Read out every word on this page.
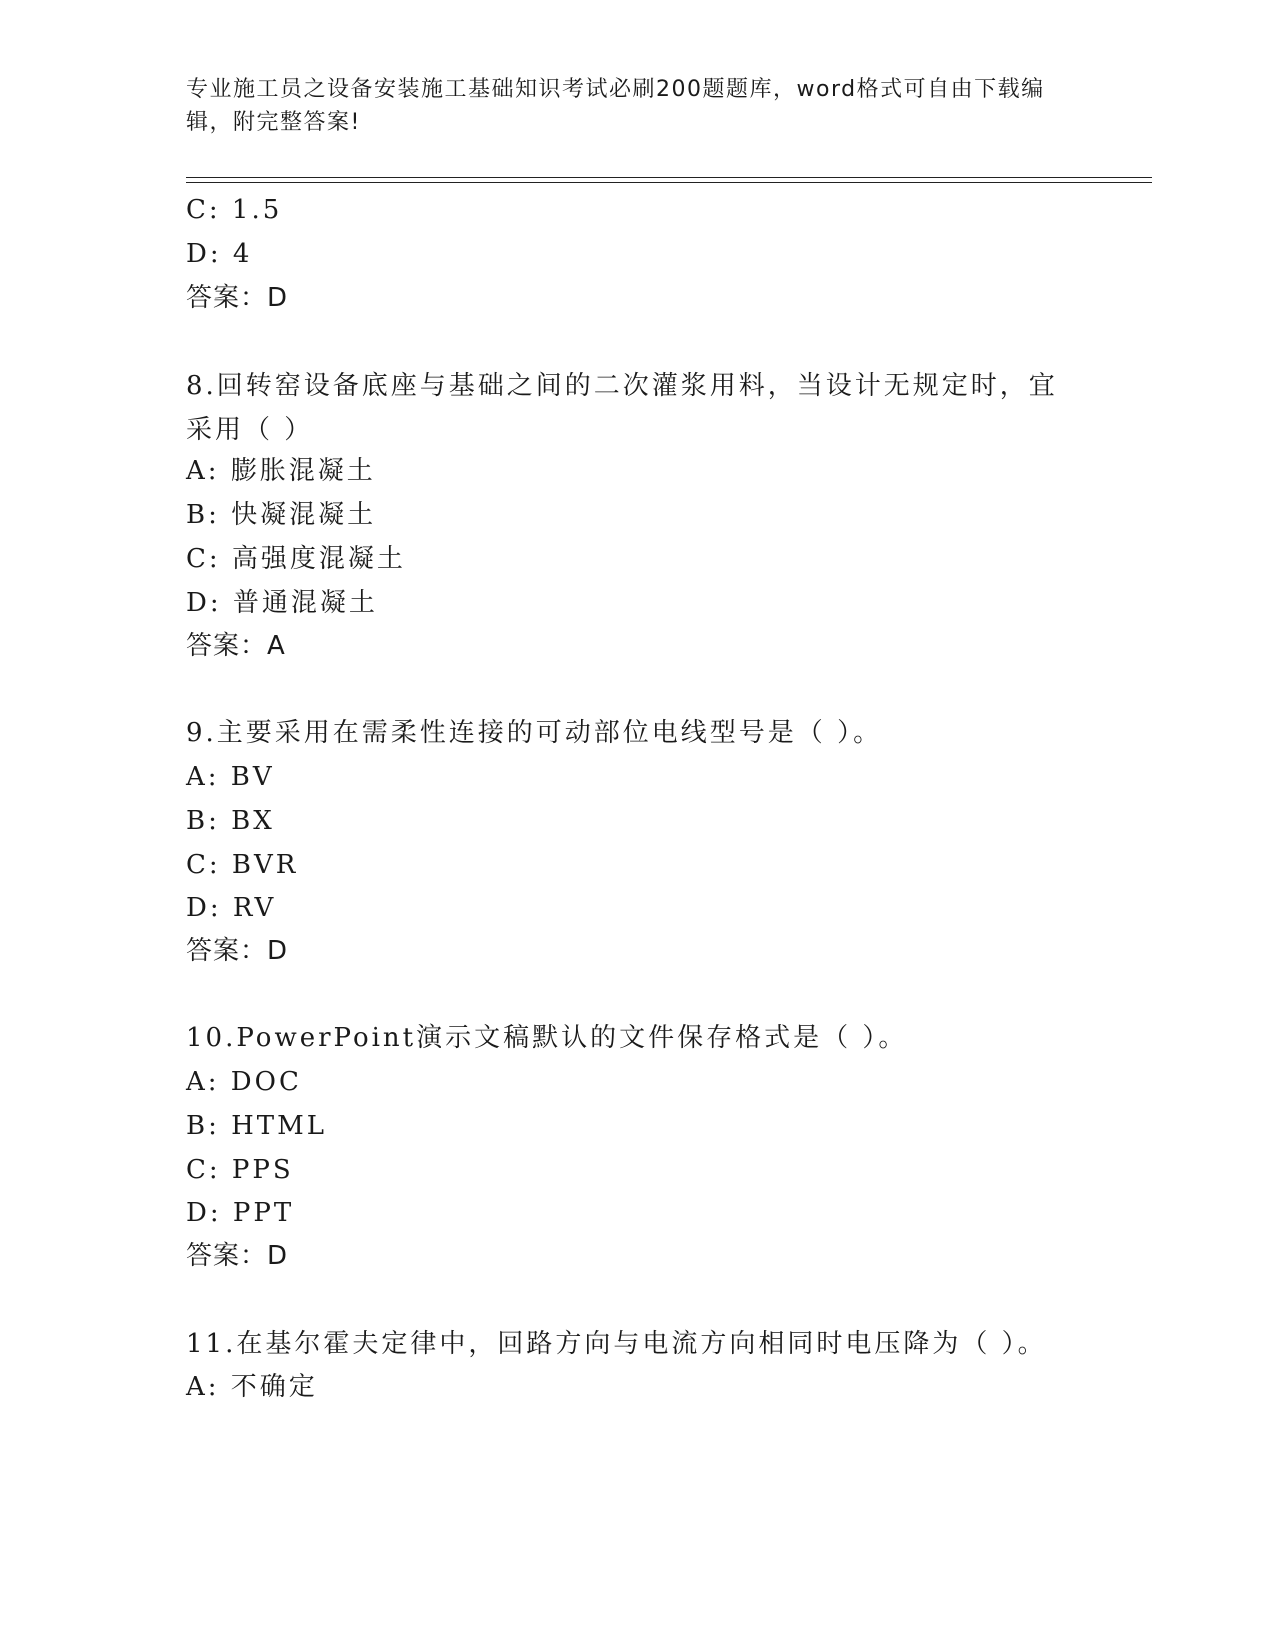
专业施工员之设备安装施工基础知识考试必刷200题题库，word格式可自由下载编辑，附完整答案!
C: 1.5
D: 4
答案：D
8.回转窑设备底座与基础之间的二次灌浆用料，当设计无规定时，宜采用（ ）
A: 膨胀混凝土
B: 快凝混凝土
C: 高强度混凝土
D: 普通混凝土
答案：A
9.主要采用在需柔性连接的可动部位电线型号是（ ）。
A: BV
B: BX
C: BVR
D: RV
答案：D
10.PowerPoint演示文稿默认的文件保存格式是（ ）。
A: DOC
B: HTML
C: PPS
D: PPT
答案：D
11.在基尔霍夫定律中，回路方向与电流方向相同时电压降为（ ）。
A: 不确定
